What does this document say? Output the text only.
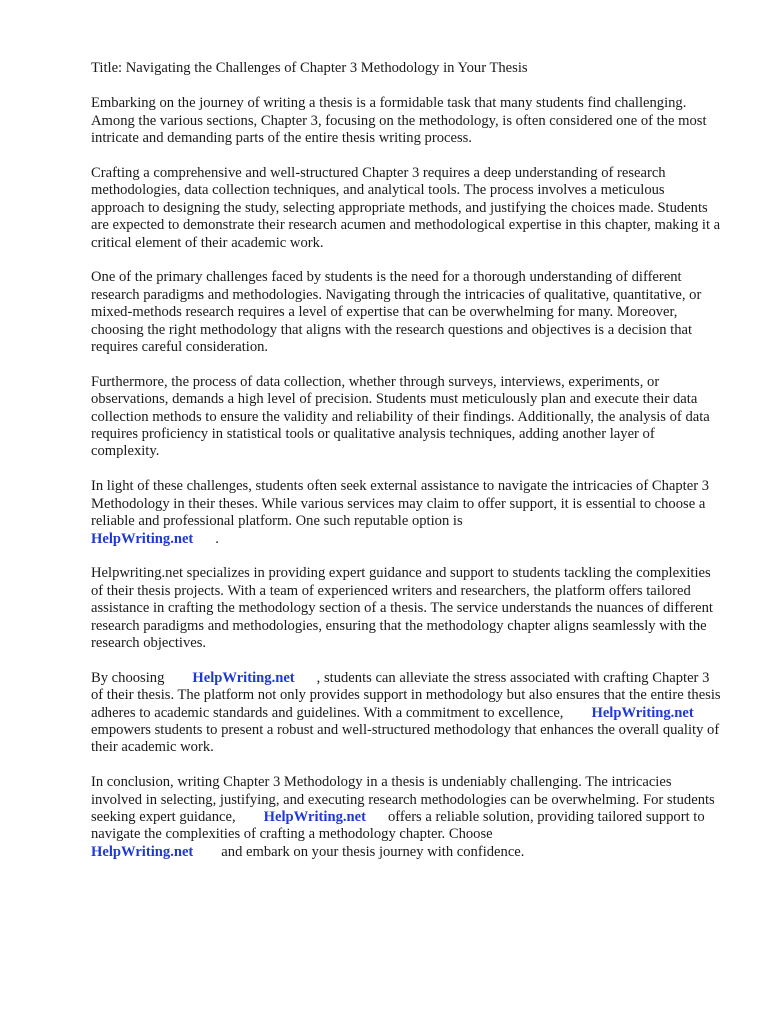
Title: Navigating the Challenges of Chapter 3 Methodology in Your Thesis

Embarking on the journey of writing a thesis is a formidable task that many students find challenging. Among the various sections, Chapter 3, focusing on the methodology, is often considered one of the most intricate and demanding parts of the entire thesis writing process.

Crafting a comprehensive and well-structured Chapter 3 requires a deep understanding of research methodologies, data collection techniques, and analytical tools. The process involves a meticulous approach to designing the study, selecting appropriate methods, and justifying the choices made. Students are expected to demonstrate their research acumen and methodological expertise in this chapter, making it a critical element of their academic work.

One of the primary challenges faced by students is the need for a thorough understanding of different research paradigms and methodologies. Navigating through the intricacies of qualitative, quantitative, or mixed-methods research requires a level of expertise that can be overwhelming for many. Moreover, choosing the right methodology that aligns with the research questions and objectives is a decision that requires careful consideration.

Furthermore, the process of data collection, whether through surveys, interviews, experiments, or observations, demands a high level of precision. Students must meticulously plan and execute their data collection methods to ensure the validity and reliability of their findings. Additionally, the analysis of data requires proficiency in statistical tools or qualitative analysis techniques, adding another layer of complexity.

In light of these challenges, students often seek external assistance to navigate the intricacies of Chapter 3 Methodology in their theses. While various services may claim to offer support, it is essential to choose a reliable and professional platform. One such reputable option is
HelpWriting.net .

Helpwriting.net specializes in providing expert guidance and support to students tackling the complexities of their thesis projects. With a team of experienced writers and researchers, the platform offers tailored assistance in crafting the methodology section of a thesis. The service understands the nuances of different research paradigms and methodologies, ensuring that the methodology chapter aligns seamlessly with the research objectives.

By choosing HelpWriting.net , students can alleviate the stress associated with crafting Chapter 3 of their thesis. The platform not only provides support in methodology but also ensures that the entire thesis adheres to academic standards and guidelines. With a commitment to excellence, HelpWriting.netempowers students to present a robust and well-structured methodology that enhances the overall quality of their academic work.

In conclusion, writing Chapter 3 Methodology in a thesis is undeniably challenging. The intricacies involved in selecting, justifying, and executing research methodologies can be overwhelming. For students seeking expert guidance, HelpWriting.net offers a reliable solution, providing tailored support to navigate the complexities of crafting a methodology chapter. Choose
HelpWriting.net and embark on your thesis journey with confidence.
